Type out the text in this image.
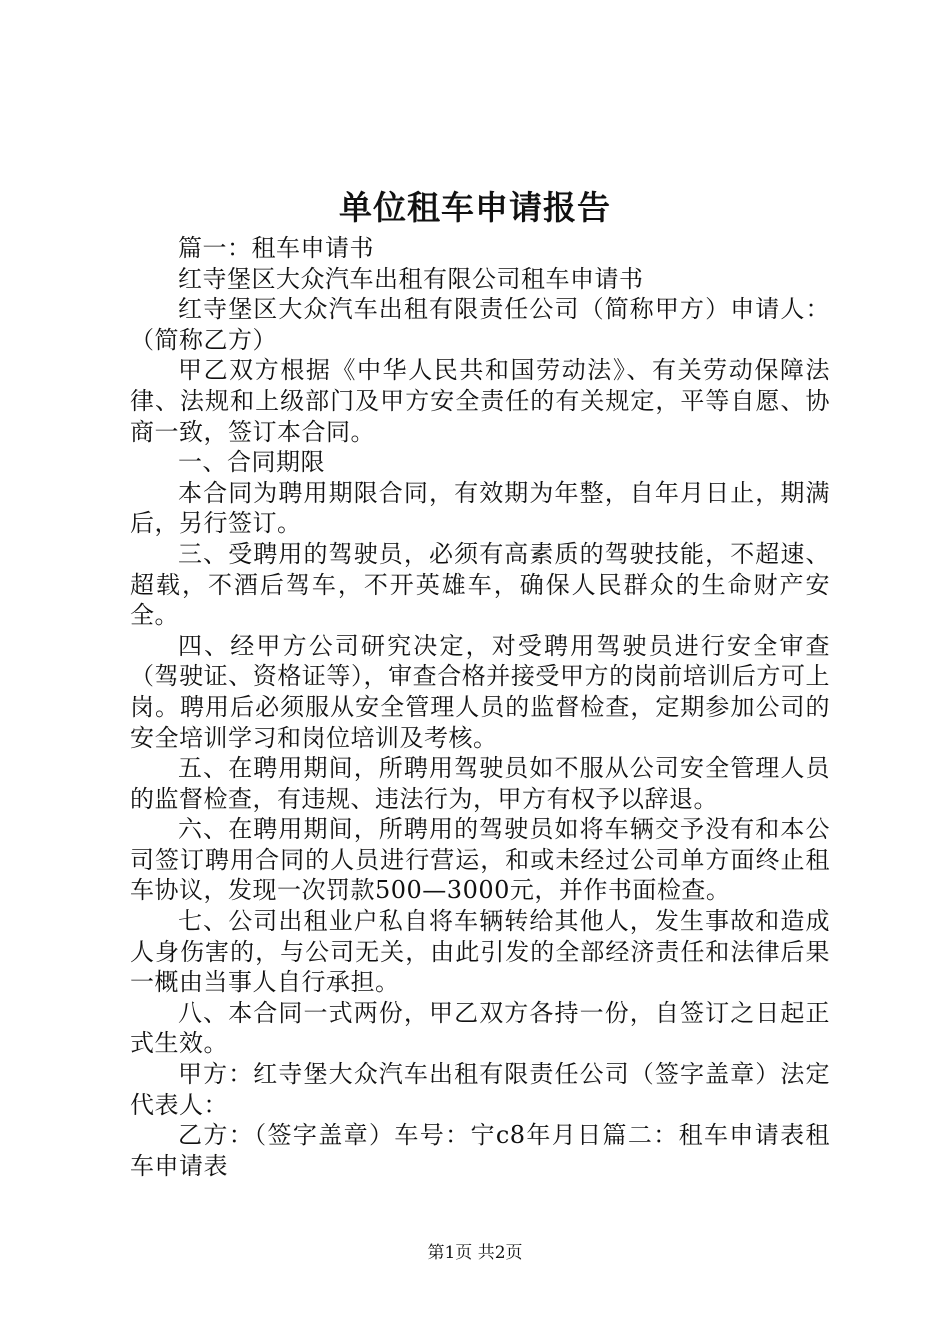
单位租车申请报告

篇一：租车申请书

红寺堡区大众汽车出租有限公司租车申请书

红寺堡区大众汽车出租有限责任公司（简称甲方）申请人：（简称乙方）

甲乙双方根据《中华人民共和国劳动法》、有关劳动保障法律、法规和上级部门及甲方安全责任的有关规定，平等自愿、协商一致，签订本合同。

一、合同期限

本合同为聘用期限合同，有效期为年整，自年月日止，期满后，另行签订。

三、受聘用的驾驶员，必须有高素质的驾驶技能，不超速、超载，不酒后驾车，不开英雄车，确保人民群众的生命财产安全。

四、经甲方公司研究决定，对受聘用驾驶员进行安全审查（驾驶证、资格证等），审查合格并接受甲方的岗前培训后方可上岗。聘用后必须服从安全管理人员的监督检查，定期参加公司的安全培训学习和岗位培训及考核。

五、在聘用期间，所聘用驾驶员如不服从公司安全管理人员的监督检查，有违规、违法行为，甲方有权予以辞退。

六、在聘用期间，所聘用的驾驶员如将车辆交予没有和本公司签订聘用合同的人员进行营运，和或未经过公司单方面终止租车协议，发现一次罚款500—3000元，并作书面检查。

七、公司出租业户私自将车辆转给其他人，发生事故和造成人身伤害的，与公司无关，由此引发的全部经济责任和法律后果一概由当事人自行承担。

八、本合同一式两份，甲乙双方各持一份，自签订之日起正式生效。

甲方：红寺堡大众汽车出租有限责任公司（签字盖章）法定代表人：

乙方：（签字盖章）车号：宁c8年月日篇二：租车申请表租车申请表

第1页 共2页
